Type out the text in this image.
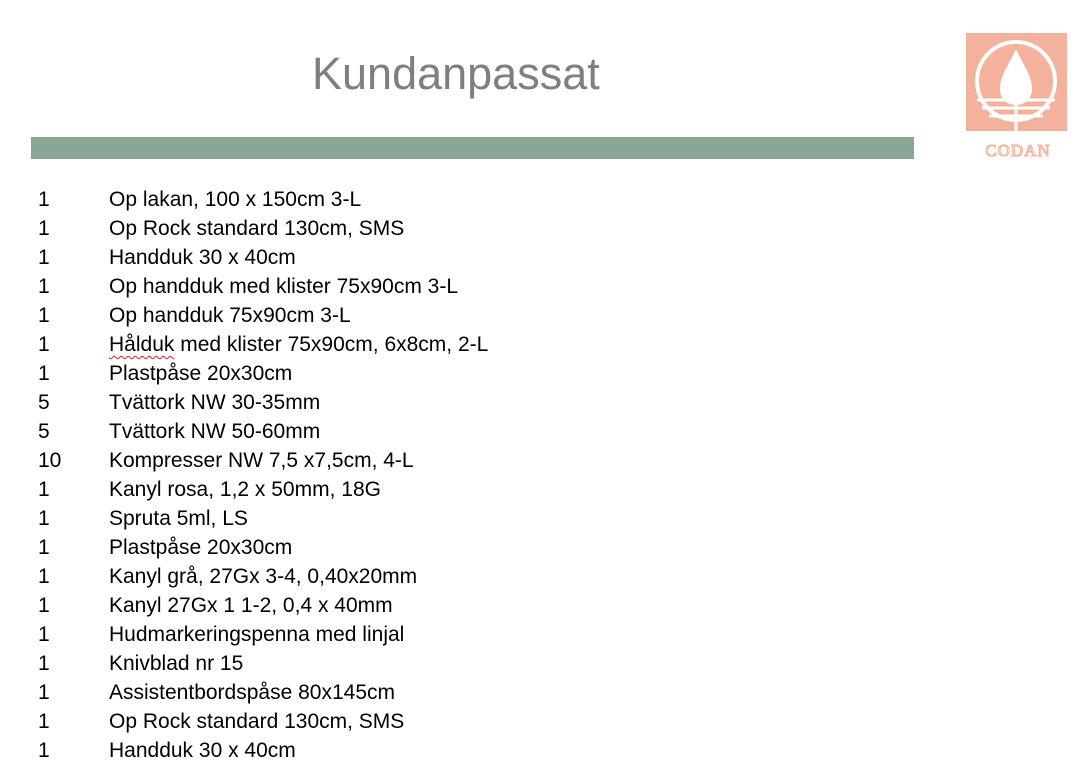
Kundanpassat
CODAN
1	Op lakan, 100 x 150cm 3-L
1	Op Rock standard 130cm, SMS
1	Handduk 30 x 40cm
1	Op handduk med klister 75x90cm 3-L
1	Op handduk 75x90cm 3-L
1	Hålduk med klister 75x90cm, 6x8cm, 2-L
1	Plastpåse 20x30cm
5	Tvättork NW 30-35mm
5	Tvättork NW 50-60mm
10	Kompresser NW 7,5 x7,5cm, 4-L
1	Kanyl rosa, 1,2 x 50mm, 18G
1	Spruta 5ml, LS
1	Plastpåse 20x30cm
1	Kanyl grå, 27Gx 3-4, 0,40x20mm
1	Kanyl 27Gx 1 1-2, 0,4 x 40mm
1	Hudmarkeringspenna med linjal
1	Knivblad nr 15
1	Assistentbordspåse 80x145cm
1	Op Rock standard 130cm, SMS
1	Handduk 30 x 40cm
